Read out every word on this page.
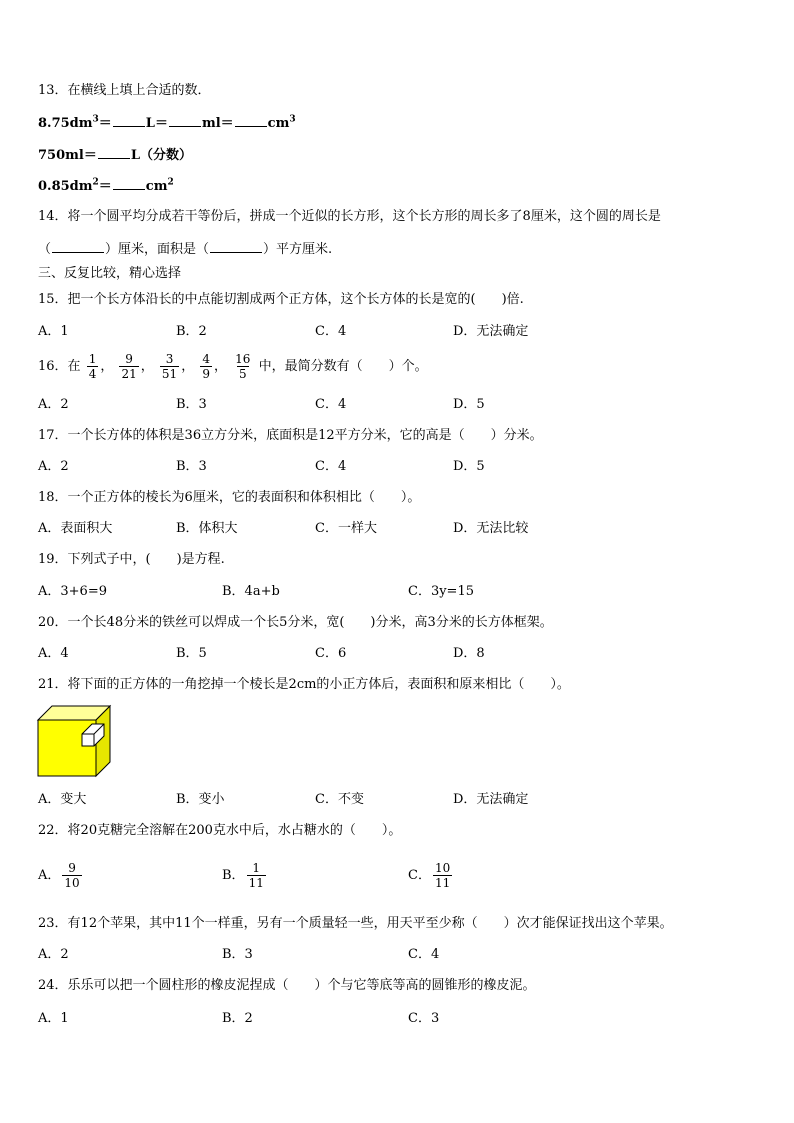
13．在横线上填上合适的数．
$8.75dm^3=$	L＝	ml＝	$cm^3$
750ml＝	L（分数）
$0.85dm^2=$	$cm^2$
14．将一个圆平均分成若干等份后，拼成一个近似的长方形，这个长方形的周长多了8厘米，这个圆的周长是
（	）厘米，面积是（	）平方厘米.
三、反复比较，精心选择
15．把一个长方体沿长的中点能切割成两个正方体，这个长方体的长是宽的(　　)倍.
A．1	B．2	C．4	D．无法确定
16．在 $\frac{1}{4}$ ， $\frac{9}{21}$ ， $\frac{3}{51}$ ， $\frac{4}{9}$ ， $\frac{16}{5}$ 中，最简分数有（　　）个。
A．2	B．3	C．4	D．5
17．一个长方体的体积是36立方分米，底面积是12平方分米，它的高是（　　）分米。
A．2	B．3	C．4	D．5
18．一个正方体的棱长为6厘米，它的表面积和体积相比（　　）。
A．表面积大	B．体积大	C．一样大	D．无法比较
19．下列式子中，(　　)是方程.
A．3+6=9	B．4a+b	C．3y=15
20．一个长48分米的铁丝可以焊成一个长5分米，宽(　　)分米，高3分米的长方体框架。
A．4	B．5	C．6	D．8
21．将下面的正方体的一角挖掉一个棱长是2cm的小正方体后，表面积和原来相比（　　）。
A．变大	B．变小	C．不变	D．无法确定
22．将20克糖完全溶解在200克水中后，水占糖水的（　　）。
A． $\frac{9}{10}$	B． $\frac{1}{11}$	C． $\frac{10}{11}$
23．有12个苹果，其中11个一样重，另有一个质量轻一些，用天平至少称（　　）次才能保证找出这个苹果。
A．2	B．3	C．4
24．乐乐可以把一个圆柱形的橡皮泥捏成（　　）个与它等底等高的圆锥形的橡皮泥。
A．1	B．2	C．3
